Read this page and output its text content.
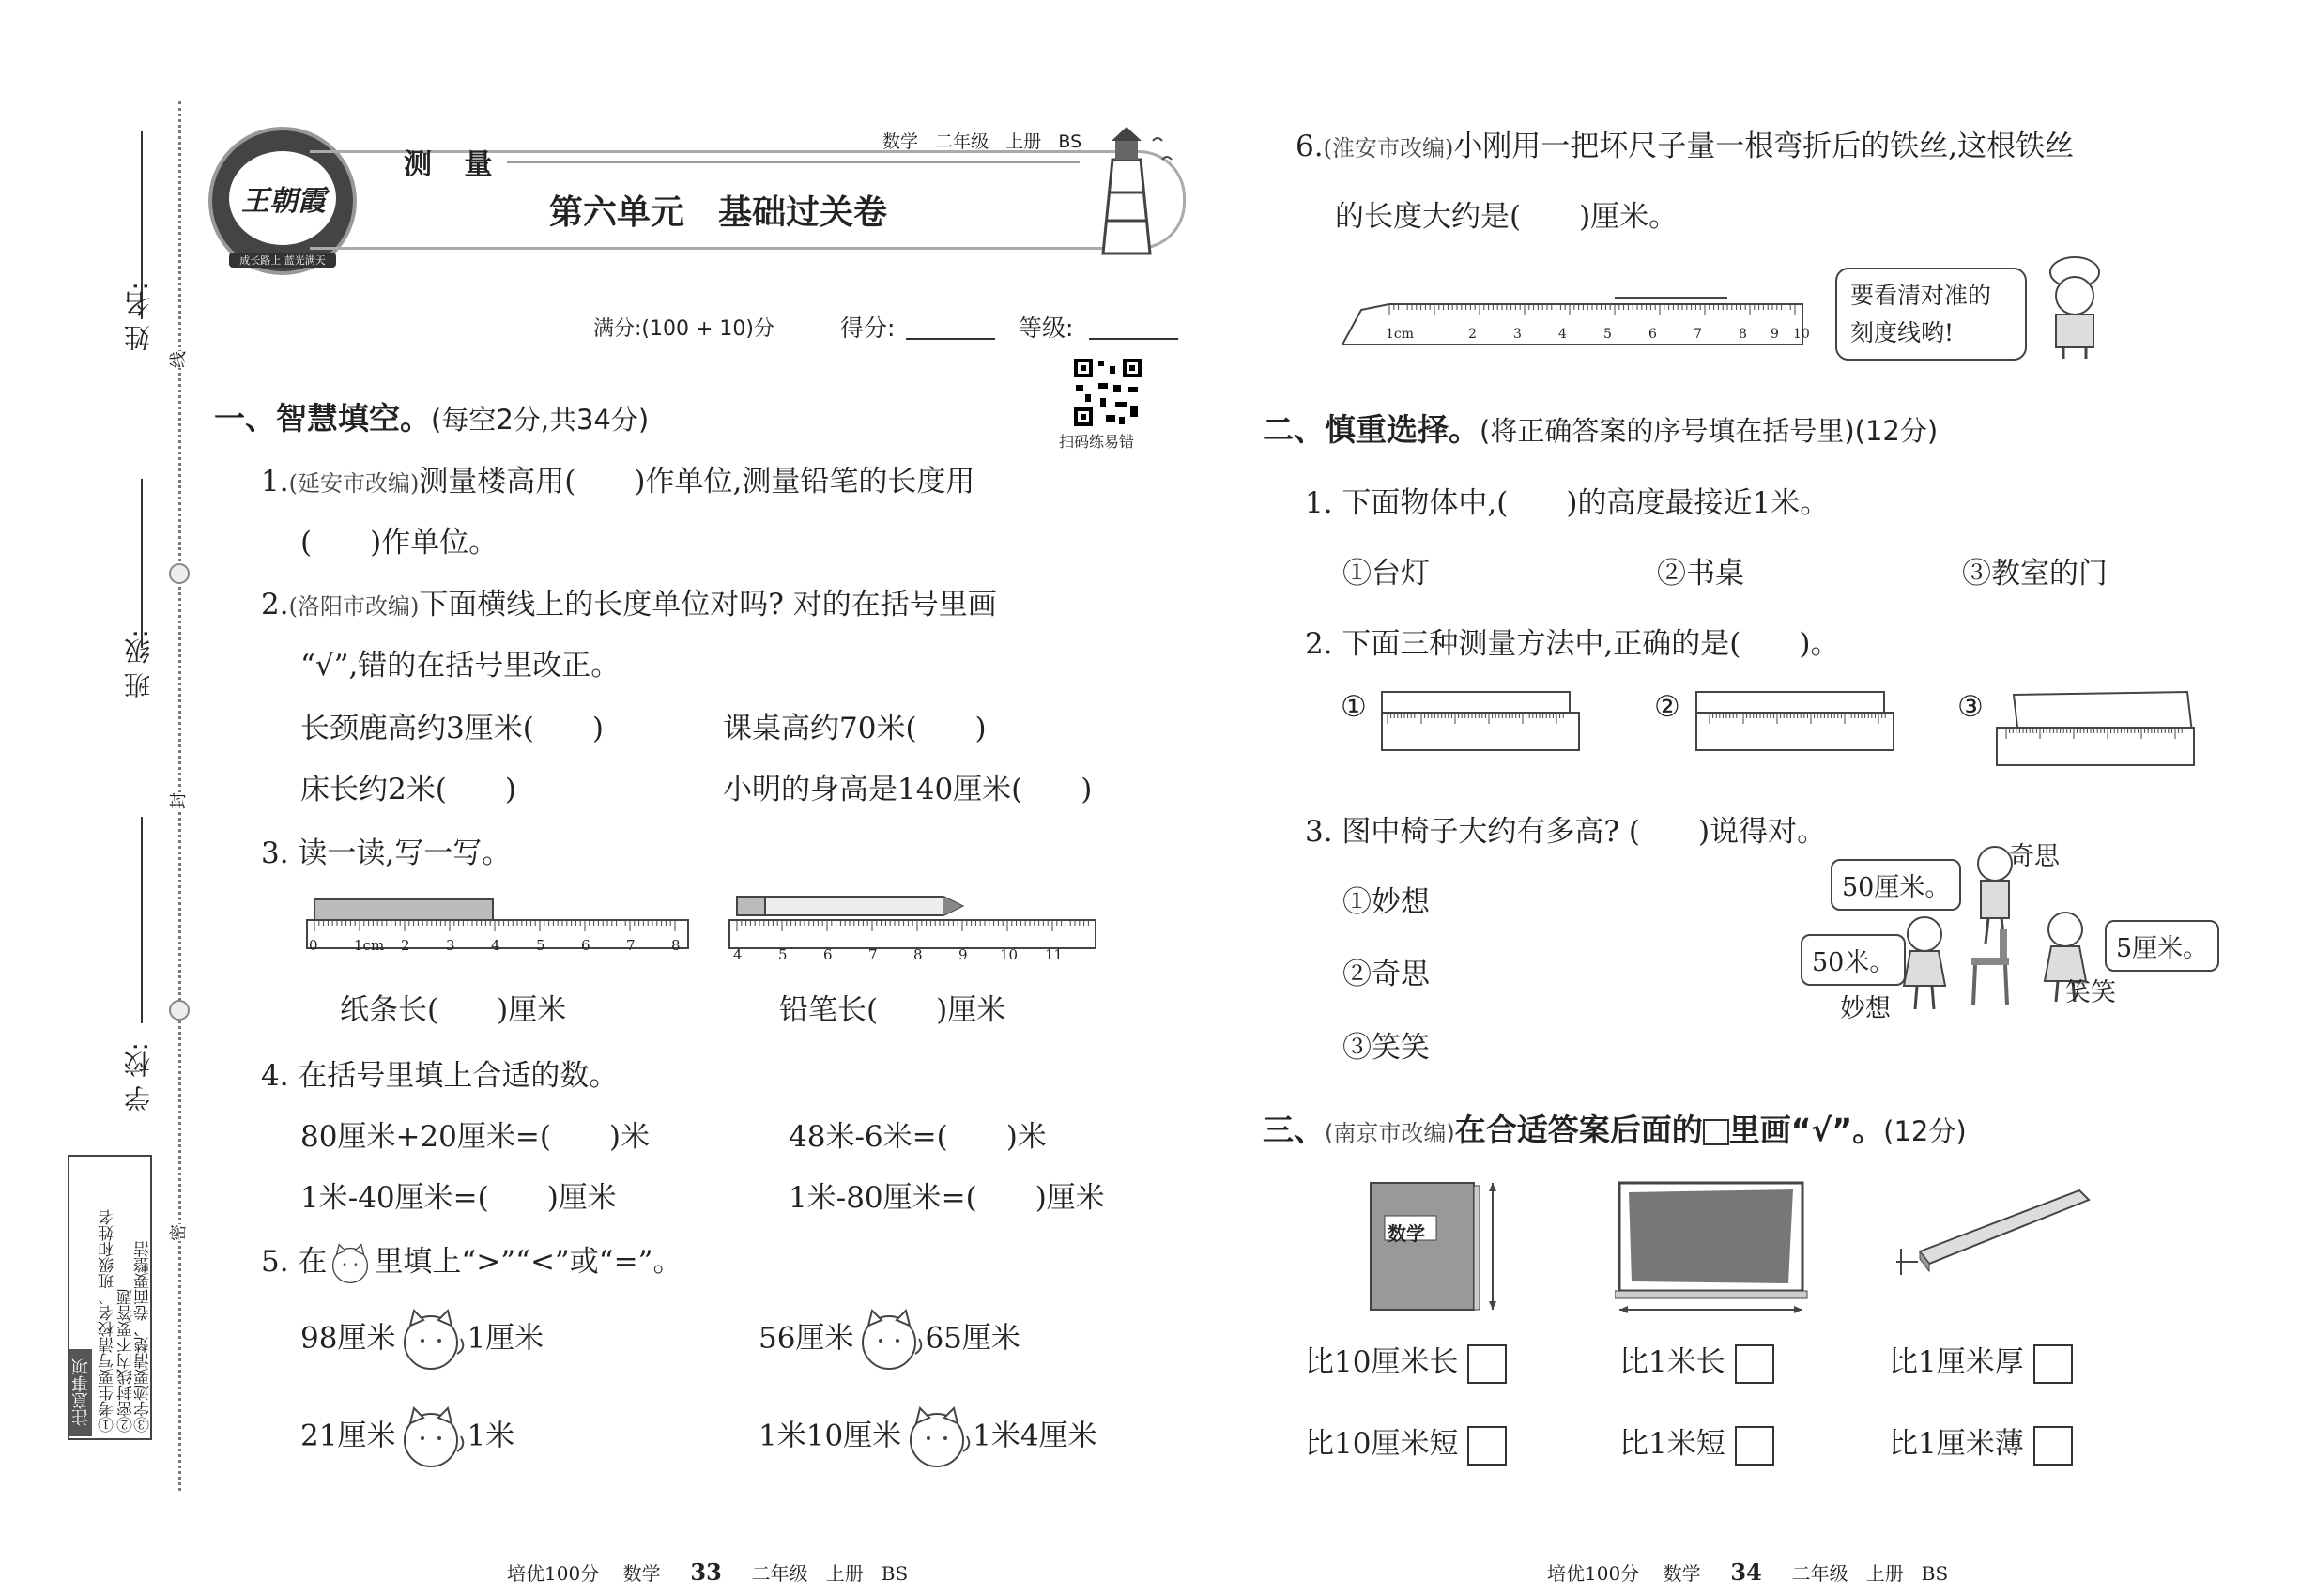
姓 名:
班 级:
学 校:
线
封
密
注意事项 ①考生要写清校名、班级和姓名 ②密封线内不要答题
③字迹要清楚、卷面要整洁
王朝霞
成长路上 蓝光满天
测 量
数学 二年级 上册 BS
第六单元　基础过关卷
满分:(100 + 10)分	得分:	等级:
扫码练易错
一、智慧填空。(每空2分,共34分)
1.(延安市改编)测量楼高用(　　)作单位,测量铅笔的长度用
(　　)作单位。
2.(洛阳市改编)下面横线上的长度单位对吗? 对的在括号里画
“√”,错的在括号里改正。
长颈鹿高约3厘米(　　)	课桌高约70米(　　)
床长约2米(　　)	小明的身高是140厘米(　　)
3. 读一读,写一写。
0	1cm 2	3	4	5	6	7	8
4	5	6	7	8	9 10 11
纸条长(　　)厘米	铅笔长(　　)厘米
4. 在括号里填上合适的数。
80厘米+20厘米=(　　)米	48米-6米=(　　)米
1米-40厘米=(　　)厘米	1米-80厘米=(　　)厘米
5. 在 里填上“>”“<”或“=”。
98厘米 1厘米	56厘米 65厘米
21厘米 1米	1米10厘米 1米4厘米
培优100分 数学 33 二年级 上册 BS
6.(淮安市改编)小刚用一把坏尺子量一根弯折后的铁丝,这根铁丝
的长度大约是(　　)厘米。
1cm	2	3	4	5	6	7	8 9 10
要看清对准的
刻度线哟!
二、慎重选择。(将正确答案的序号填在括号里)(12分)
1. 下面物体中,(　　)的高度最接近1米。
①台灯	②书桌	③教室的门
2. 下面三种测量方法中,正确的是(　　)。
①	②	③
3. 图中椅子大约有多高? (　　)说得对。
①妙想
②奇思
③笑笑
50厘米。
50米。	5厘米。
奇思
妙想
笑笑
三、(南京市改编)在合适答案后面的 里画“√”。(12分)
数学
比10厘米长	比1米长	比1厘米厚
比10厘米短	比1米短	比1厘米薄
培优100分 数学 34 二年级 上册 BS
